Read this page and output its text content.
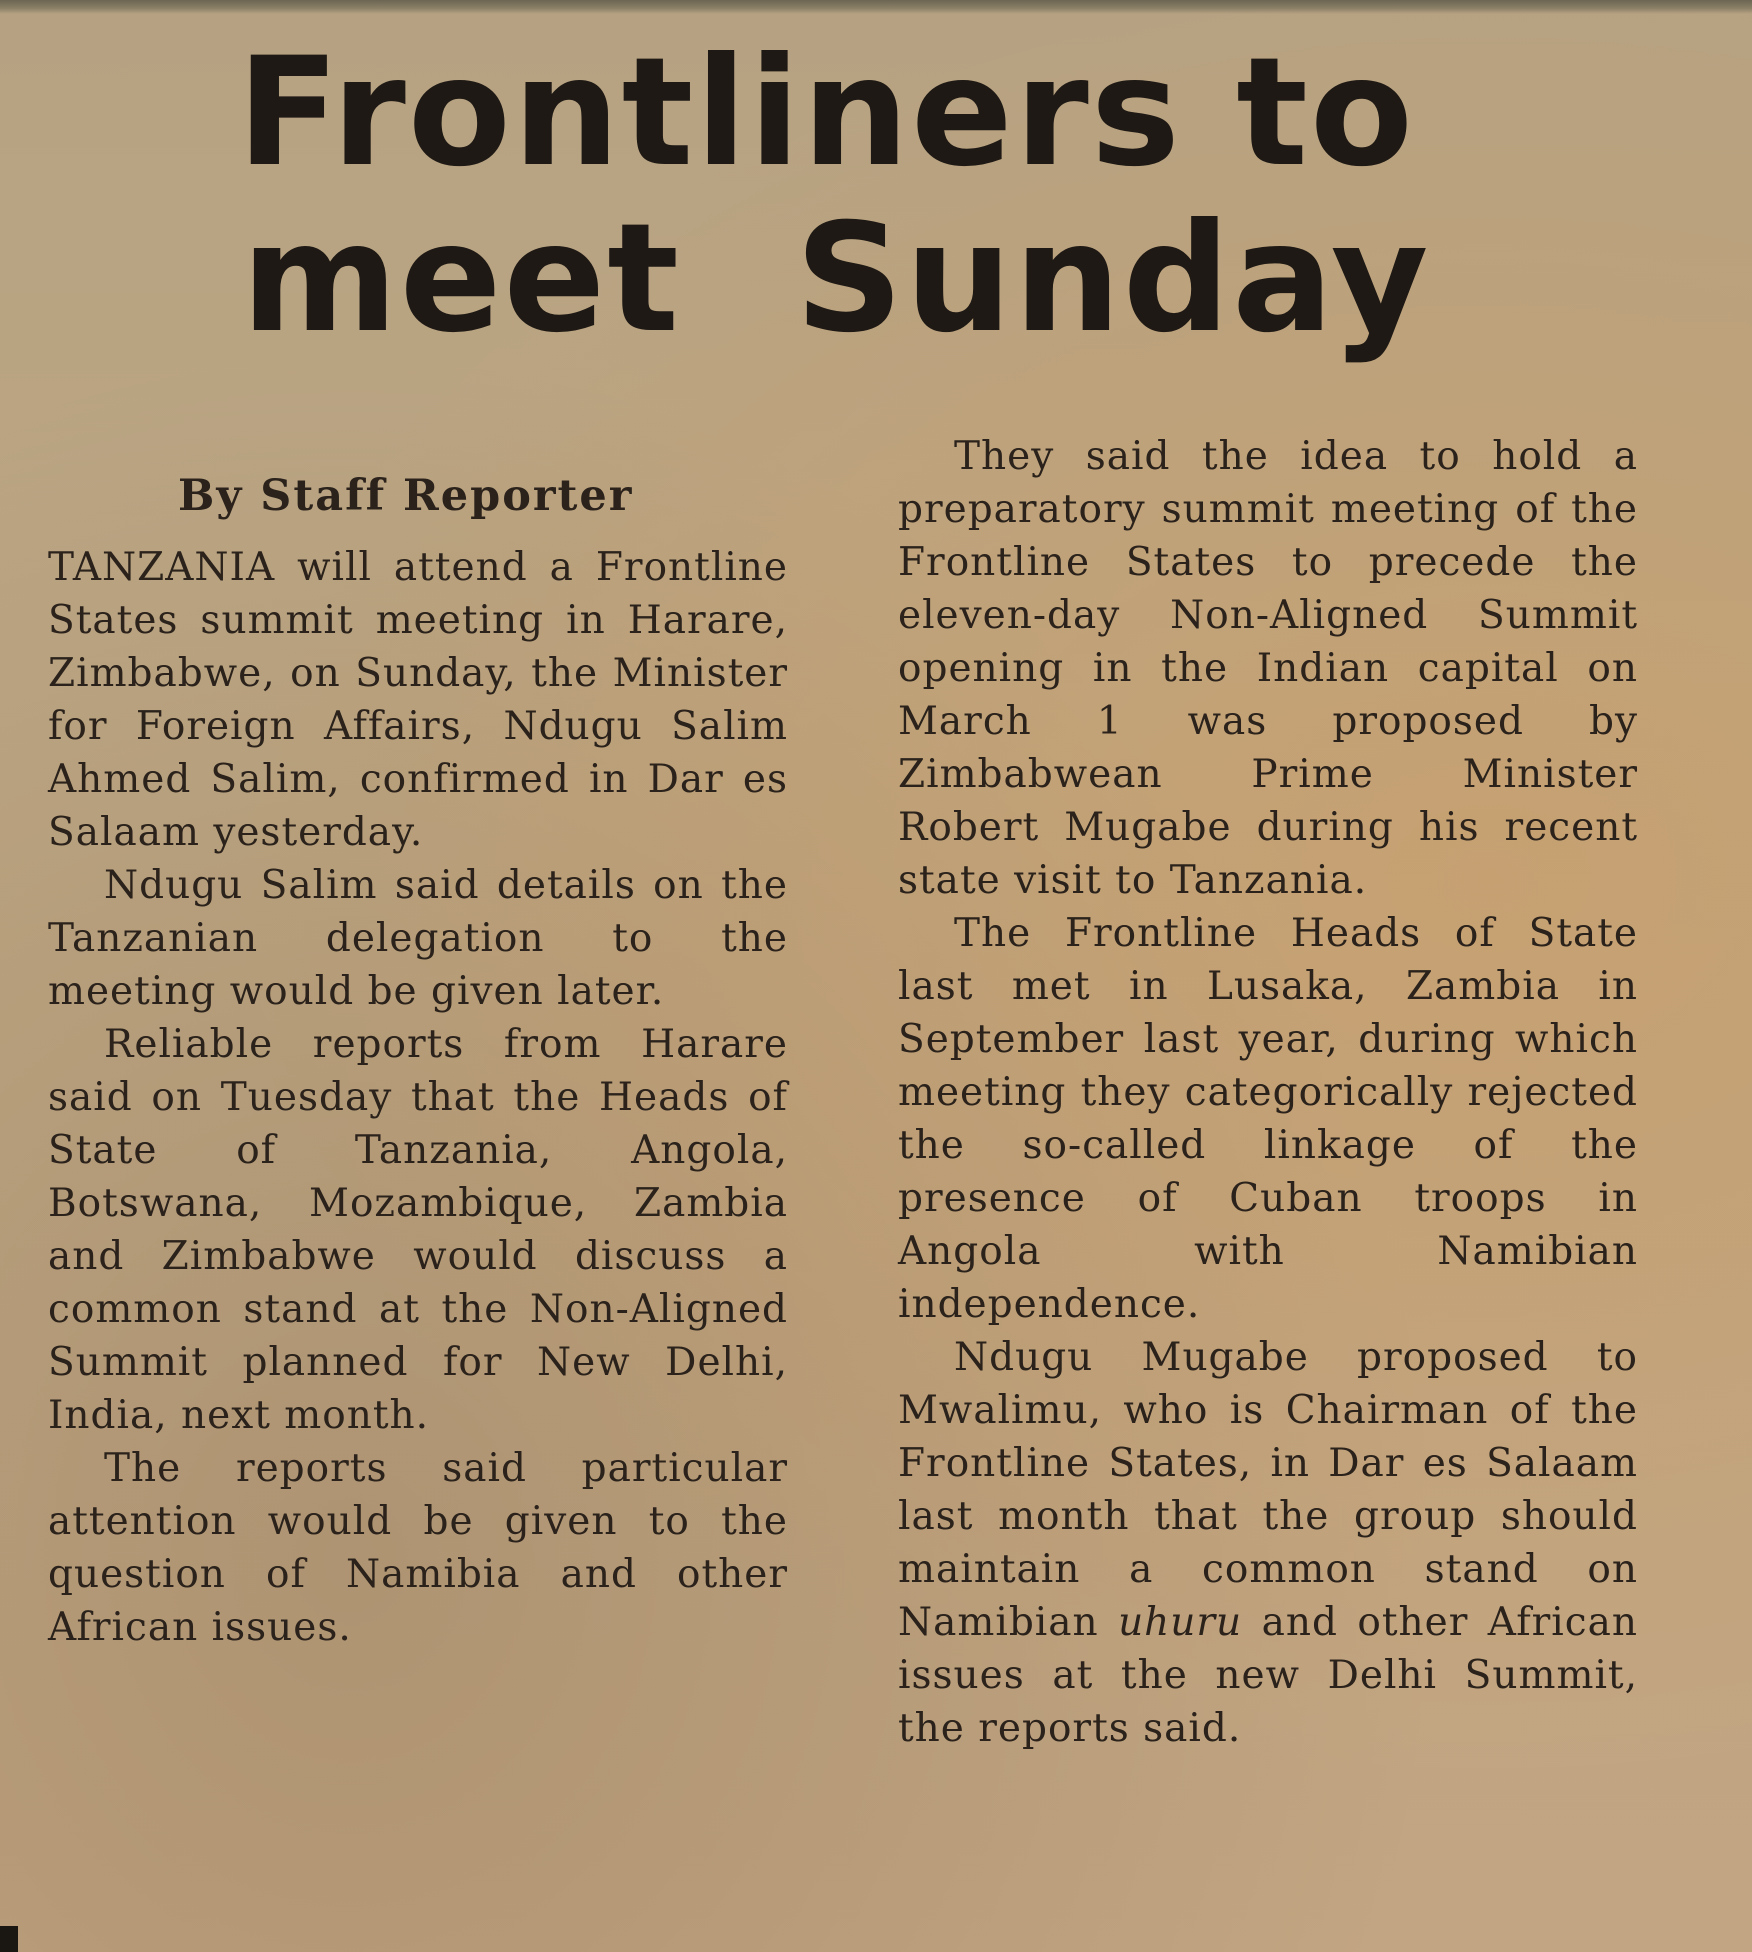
Frontliners to
meet Sunday
By Staff Reporter

TANZANIA will attend a Frontline States summit meeting in Harare, Zimbabwe, on Sunday, the Minister for Foreign Affairs, Ndugu Salim Ahmed Salim, confirmed in Dar es Salaam yesterday.

Ndugu Salim said details on the Tanzanian delegation to the meeting would be given later.

Reliable reports from Harare said on Tuesday that the Heads of State of Tanzania, Angola, Botswana, Mozambique, Zambia and Zimbabwe would discuss a common stand at the Non-Aligned Summit planned for New Delhi, India, next month.

The reports said particular attention would be given to the question of Namibia and other African issues.

They said the idea to hold a preparatory summit meeting of the Frontline States to precede the eleven-day Non-Aligned Summit opening in the Indian capital on March 1 was proposed by Zimbabwean Prime Minister Robert Mugabe during his recent state visit to Tanzania.

The Frontline Heads of State last met in Lusaka, Zambia in September last year, during which meeting they categorically rejected the so-called linkage of the presence of Cuban troops in Angola with Namibian independence.

Ndugu Mugabe proposed to Mwalimu, who is Chairman of the Frontline States, in Dar es Salaam last month that the group should maintain a common stand on Namibian uhuru and other African issues at the new Delhi Summit, the reports said.
